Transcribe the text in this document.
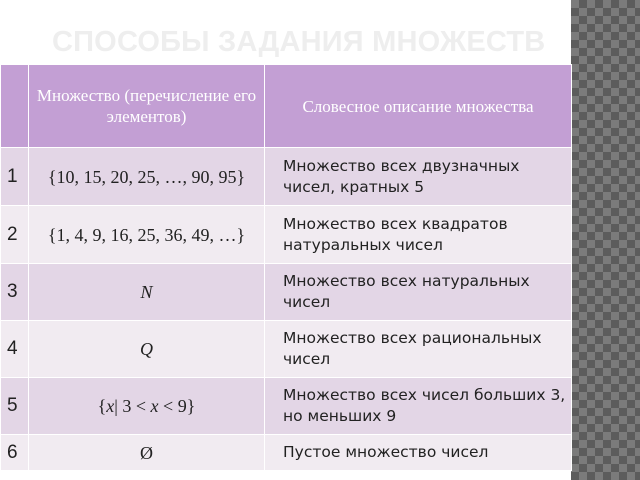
СПОСОБЫ ЗАДАНИЯ МНОЖЕСТВ
	Множество (перечисление его элементов)	Словесное описание множества
1	{10, 15, 20, 25, …, 90, 95}	Множество всех двузначных чисел, кратных 5
2	{1, 4, 9, 16, 25, 36, 49, …}	Множество всех квадратов натуральных чисел
3	N	Множество всех натуральных чисел
4	Q	Множество всех рациональных чисел
5	{x| 3 < x < 9}	Множество всех чисел больших 3, но меньших 9
6	Ø	Пустое множество чисел
